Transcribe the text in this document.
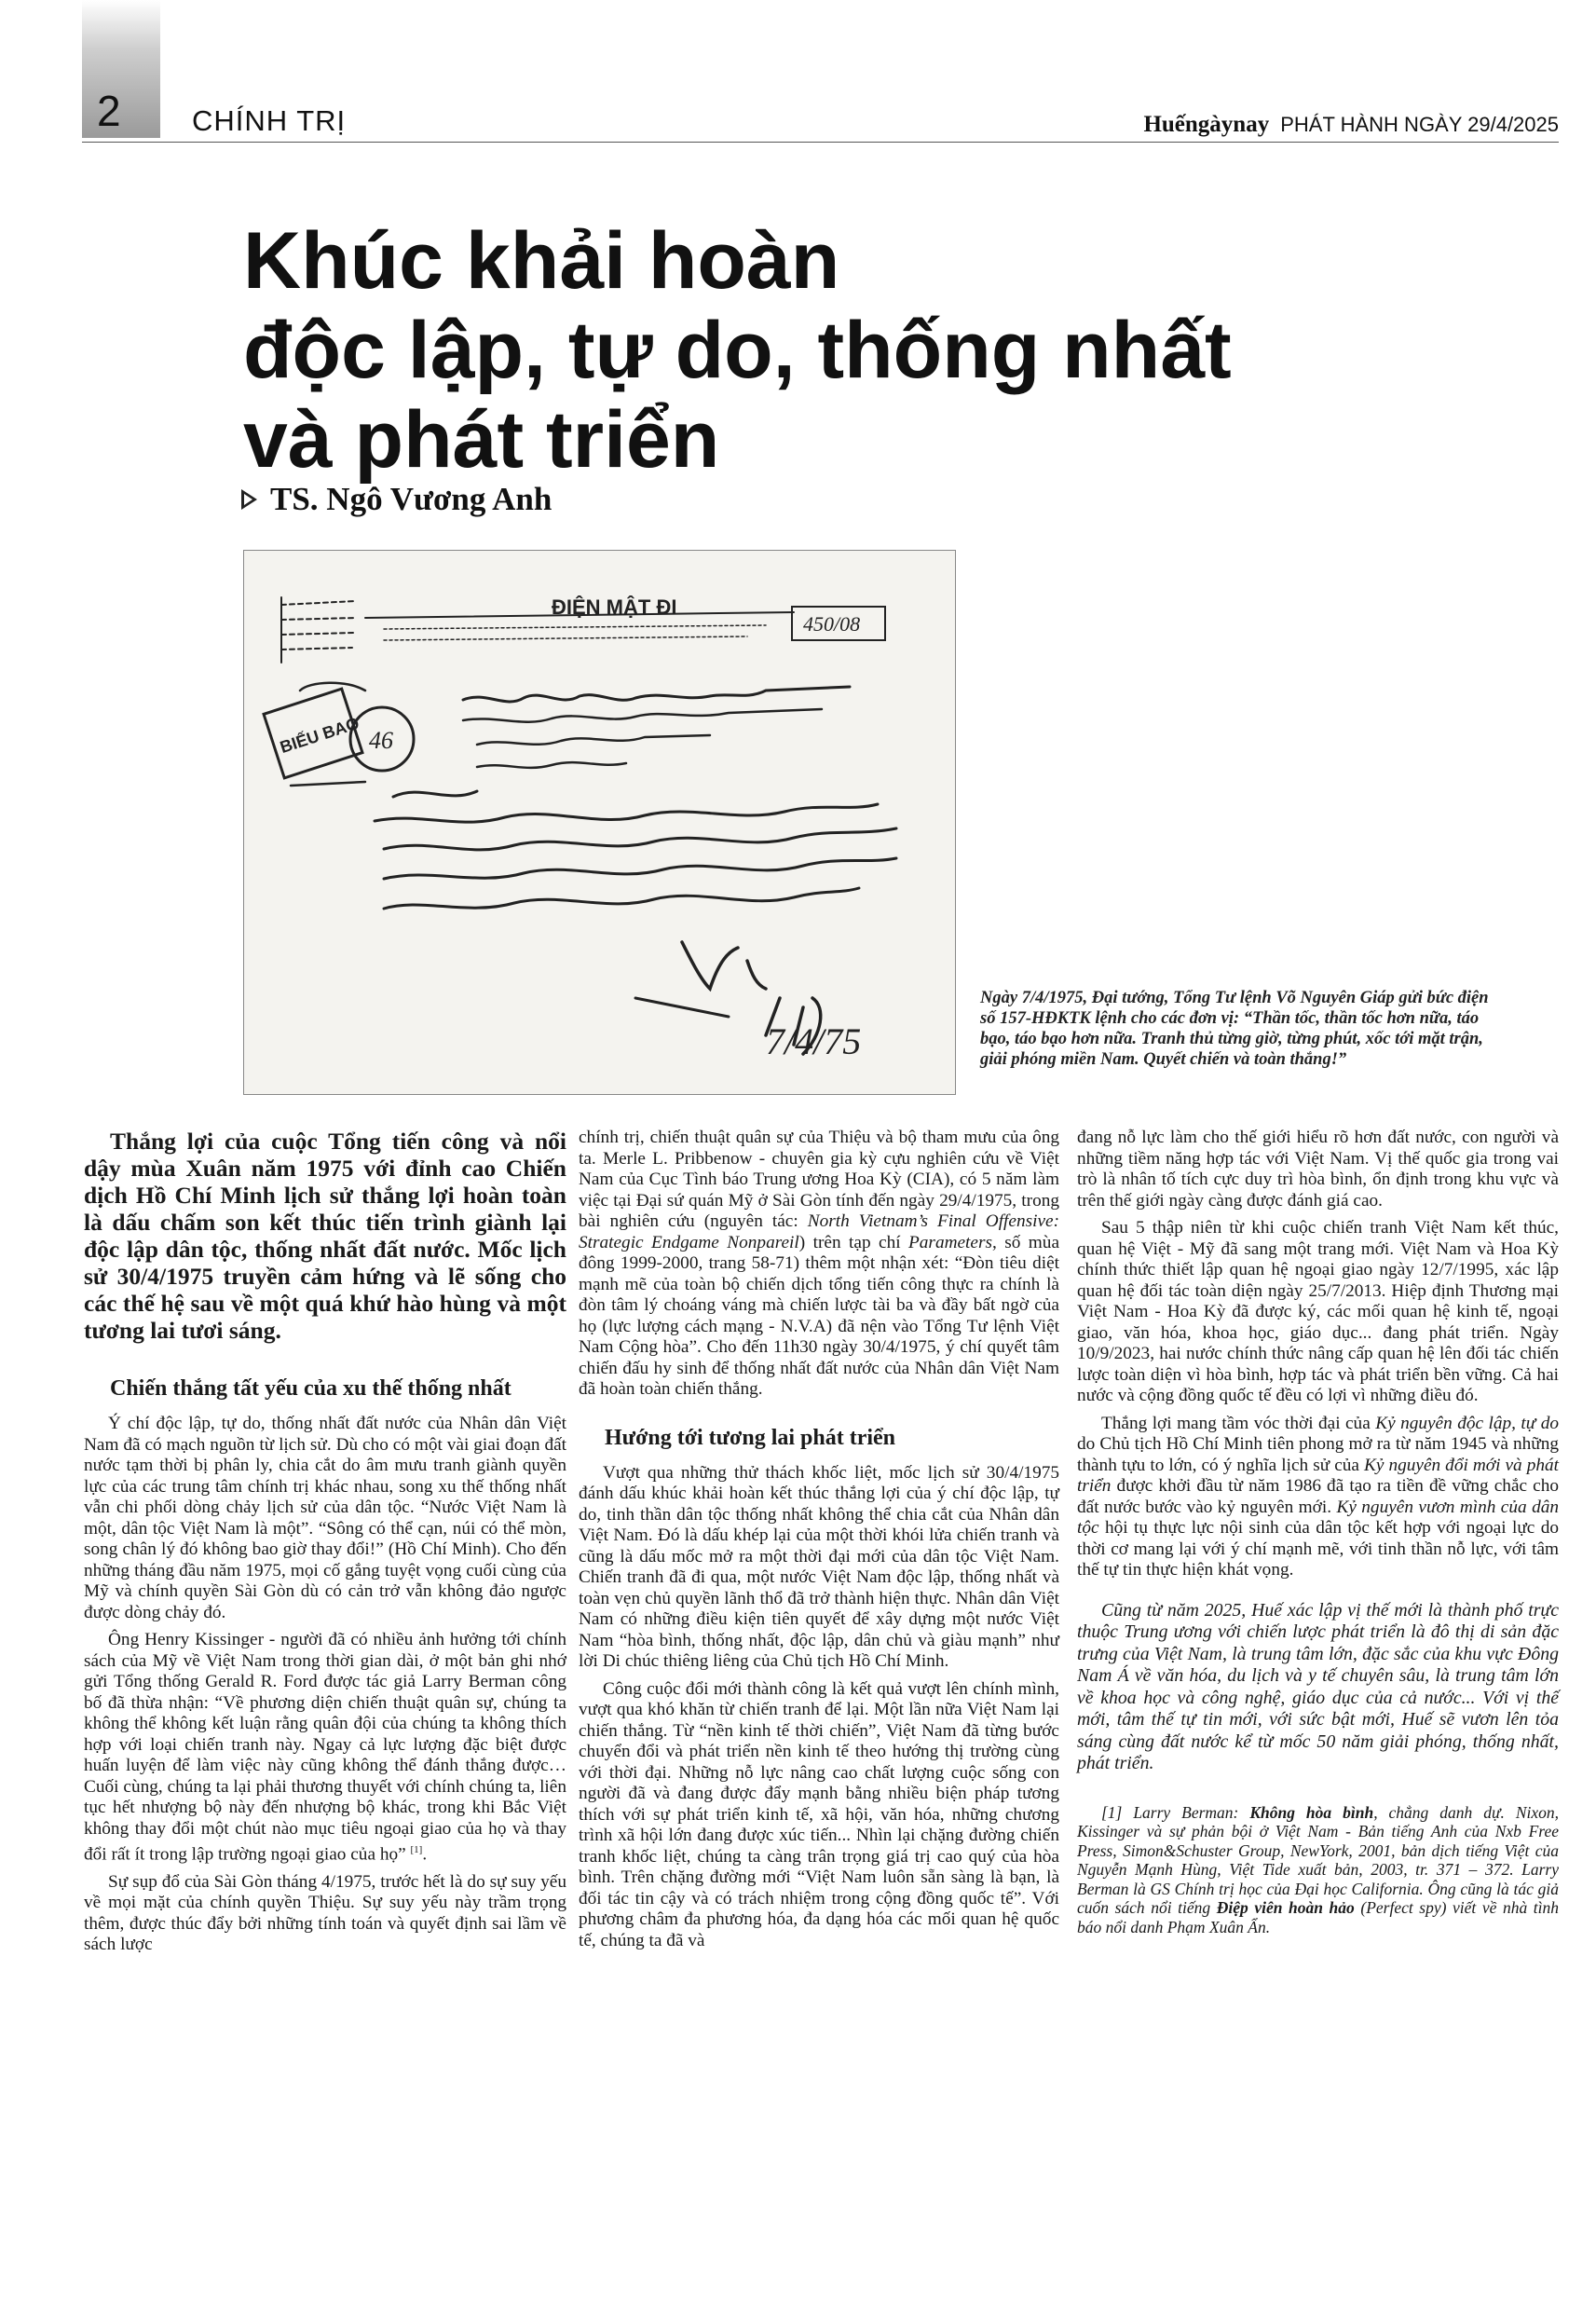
2 CHÍNH TRỊ	Huếngàynay PHÁT HÀNH NGÀY 29/4/2025
Khúc khải hoàn
độc lập, tự do, thống nhất
và phát triển
TS. Ngô Vương Anh
ĐIỆN MẬT ĐI
450/08
BIẾU BAO 46
7/4/75
Ngày 7/4/1975, Đại tướng, Tổng Tư lệnh Võ Nguyên Giáp gửi bức điện số 157-HĐKTK lệnh cho các đơn vị: “Thần tốc, thần tốc hơn nữa, táo bạo, táo bạo hơn nữa. Tranh thủ từng giờ, từng phút, xốc tới mặt trận, giải phóng miền Nam. Quyết chiến và toàn thắng!”

Thắng lợi của cuộc Tổng tiến công và nổi dậy mùa Xuân năm 1975 với đỉnh cao Chiến dịch Hồ Chí Minh lịch sử thắng lợi hoàn toàn là dấu chấm son kết thúc tiến trình giành lại độc lập dân tộc, thống nhất đất nước. Mốc lịch sử 30/4/1975 truyền cảm hứng và lẽ sống cho các thế hệ sau về một quá khứ hào hùng và một tương lai tươi sáng.

Chiến thắng tất yếu của xu thế thống nhất

Ý chí độc lập, tự do, thống nhất đất nước của Nhân dân Việt Nam đã có mạch nguồn từ lịch sử. Dù cho có một vài giai đoạn đất nước tạm thời bị phân ly, chia cắt do âm mưu tranh giành quyền lực của các trung tâm chính trị khác nhau, song xu thế thống nhất vẫn chi phối dòng chảy lịch sử của dân tộc. “Nước Việt Nam là một, dân tộc Việt Nam là một”. “Sông có thể cạn, núi có thể mòn, song chân lý đó không bao giờ thay đổi!” (Hồ Chí Minh). Cho đến những tháng đầu năm 1975, mọi cố gắng tuyệt vọng cuối cùng của Mỹ và chính quyền Sài Gòn dù có cản trở vẫn không đảo ngược được dòng chảy đó.

Ông Henry Kissinger - người đã có nhiều ảnh hưởng tới chính sách của Mỹ về Việt Nam trong thời gian dài, ở một bản ghi nhớ gửi Tổng thống Gerald R. Ford được tác giả Larry Berman công bố đã thừa nhận: “Về phương diện chiến thuật quân sự, chúng ta không thể không kết luận rằng quân đội của chúng ta không thích hợp với loại chiến tranh này. Ngay cả lực lượng đặc biệt được huấn luyện để làm việc này cũng không thể đánh thắng được… Cuối cùng, chúng ta lại phải thương thuyết với chính chúng ta, liên tục hết nhượng bộ này đến nhượng bộ khác, trong khi Bắc Việt không thay đổi một chút nào mục tiêu ngoại giao của họ và thay đổi rất ít trong lập trường ngoại giao của họ” [1].

Sự sụp đổ của Sài Gòn tháng 4/1975, trước hết là do sự suy yếu về mọi mặt của chính quyền Thiệu. Sự suy yếu này trầm trọng thêm, được thúc đẩy bởi những tính toán và quyết định sai lầm về sách lược

chính trị, chiến thuật quân sự của Thiệu và bộ tham mưu của ông ta. Merle L. Pribbenow - chuyên gia kỳ cựu nghiên cứu về Việt Nam của Cục Tình báo Trung ương Hoa Kỳ (CIA), có 5 năm làm việc tại Đại sứ quán Mỹ ở Sài Gòn tính đến ngày 29/4/1975, trong bài nghiên cứu (nguyên tác: North Vietnam’s Final Offensive: Strategic Endgame Nonpareil) trên tạp chí Parameters, số mùa đông 1999-2000, trang 58-71) thêm một nhận xét: “Đòn tiêu diệt mạnh mẽ của toàn bộ chiến dịch tổng tiến công thực ra chính là đòn tâm lý choáng váng mà chiến lược tài ba và đầy bất ngờ của họ (lực lượng cách mạng - N.V.A) đã nện vào Tổng Tư lệnh Việt Nam Cộng hòa”. Cho đến 11h30 ngày 30/4/1975, ý chí quyết tâm chiến đấu hy sinh để thống nhất đất nước của Nhân dân Việt Nam đã hoàn toàn chiến thắng.

Hướng tới tương lai phát triển

Vượt qua những thử thách khốc liệt, mốc lịch sử 30/4/1975 đánh dấu khúc khải hoàn kết thúc thắng lợi của ý chí độc lập, tự do, tinh thần dân tộc thống nhất không thể chia cắt của Nhân dân Việt Nam. Đó là dấu khép lại của một thời khói lửa chiến tranh và cũng là dấu mốc mở ra một thời đại mới của dân tộc Việt Nam. Chiến tranh đã đi qua, một nước Việt Nam độc lập, thống nhất và toàn vẹn chủ quyền lãnh thổ đã trở thành hiện thực. Nhân dân Việt Nam có những điều kiện tiên quyết để xây dựng một nước Việt Nam “hòa bình, thống nhất, độc lập, dân chủ và giàu mạnh” như lời Di chúc thiêng liêng của Chủ tịch Hồ Chí Minh.

Công cuộc đổi mới thành công là kết quả vượt lên chính mình, vượt qua khó khăn từ chiến tranh để lại. Một lần nữa Việt Nam lại chiến thắng. Từ “nền kinh tế thời chiến”, Việt Nam đã từng bước chuyển đổi và phát triển nền kinh tế theo hướng thị trường cùng với thời đại. Những nỗ lực nâng cao chất lượng cuộc sống con người đã và đang được đẩy mạnh bằng nhiều biện pháp tương thích với sự phát triển kinh tế, xã hội, văn hóa, những chương trình xã hội lớn đang được xúc tiến... Nhìn lại chặng đường chiến tranh khốc liệt, chúng ta càng trân trọng giá trị cao quý của hòa bình. Trên chặng đường mới “Việt Nam luôn sẵn sàng là bạn, là đối tác tin cậy và có trách nhiệm trong cộng đồng quốc tế”. Với phương châm đa phương hóa, đa dạng hóa các mối quan hệ quốc tế, chúng ta đã và

đang nỗ lực làm cho thế giới hiểu rõ hơn đất nước, con người và những tiềm năng hợp tác với Việt Nam. Vị thế quốc gia trong vai trò là nhân tố tích cực duy trì hòa bình, ổn định trong khu vực và trên thế giới ngày càng được đánh giá cao.

Sau 5 thập niên từ khi cuộc chiến tranh Việt Nam kết thúc, quan hệ Việt - Mỹ đã sang một trang mới. Việt Nam và Hoa Kỳ chính thức thiết lập quan hệ ngoại giao ngày 12/7/1995, xác lập quan hệ đối tác toàn diện ngày 25/7/2013. Hiệp định Thương mại Việt Nam - Hoa Kỳ đã được ký, các mối quan hệ kinh tế, ngoại giao, văn hóa, khoa học, giáo dục... đang phát triển. Ngày 10/9/2023, hai nước chính thức nâng cấp quan hệ lên đối tác chiến lược toàn diện vì hòa bình, hợp tác và phát triển bền vững. Cả hai nước và cộng đồng quốc tế đều có lợi vì những điều đó.

Thắng lợi mang tầm vóc thời đại của Kỷ nguyên độc lập, tự do do Chủ tịch Hồ Chí Minh tiên phong mở ra từ năm 1945 và những thành tựu to lớn, có ý nghĩa lịch sử của Kỷ nguyên đổi mới và phát triển được khởi đầu từ năm 1986 đã tạo ra tiền đề vững chắc cho đất nước bước vào kỷ nguyên mới. Kỷ nguyên vươn mình của dân tộc hội tụ thực lực nội sinh của dân tộc kết hợp với ngoại lực do thời cơ mang lại với ý chí mạnh mẽ, với tinh thần nỗ lực, với tâm thế tự tin thực hiện khát vọng.

Cũng từ năm 2025, Huế xác lập vị thế mới là thành phố trực thuộc Trung ương với chiến lược phát triển là đô thị di sản đặc trưng của Việt Nam, là trung tâm lớn, đặc sắc của khu vực Đông Nam Á về văn hóa, du lịch và y tế chuyên sâu, là trung tâm lớn về khoa học và công nghệ, giáo dục của cả nước... Với vị thế mới, tâm thế tự tin mới, với sức bật mới, Huế sẽ vươn lên tỏa sáng cùng đất nước kể từ mốc 50 năm giải phóng, thống nhất, phát triển.

[1] Larry Berman: Không hòa bình, chẳng danh dự. Nixon, Kissinger và sự phản bội ở Việt Nam - Bản tiếng Anh của Nxb Free Press, Simon&Schuster Group, NewYork, 2001, bản dịch tiếng Việt của Nguyễn Mạnh Hùng, Việt Tide xuất bản, 2003, tr. 371 – 372. Larry Berman là GS Chính trị học của Đại học California. Ông cũng là tác giả cuốn sách nổi tiếng Điệp viên hoàn hảo (Perfect spy) viết về nhà tình báo nổi danh Phạm Xuân Ẩn.
